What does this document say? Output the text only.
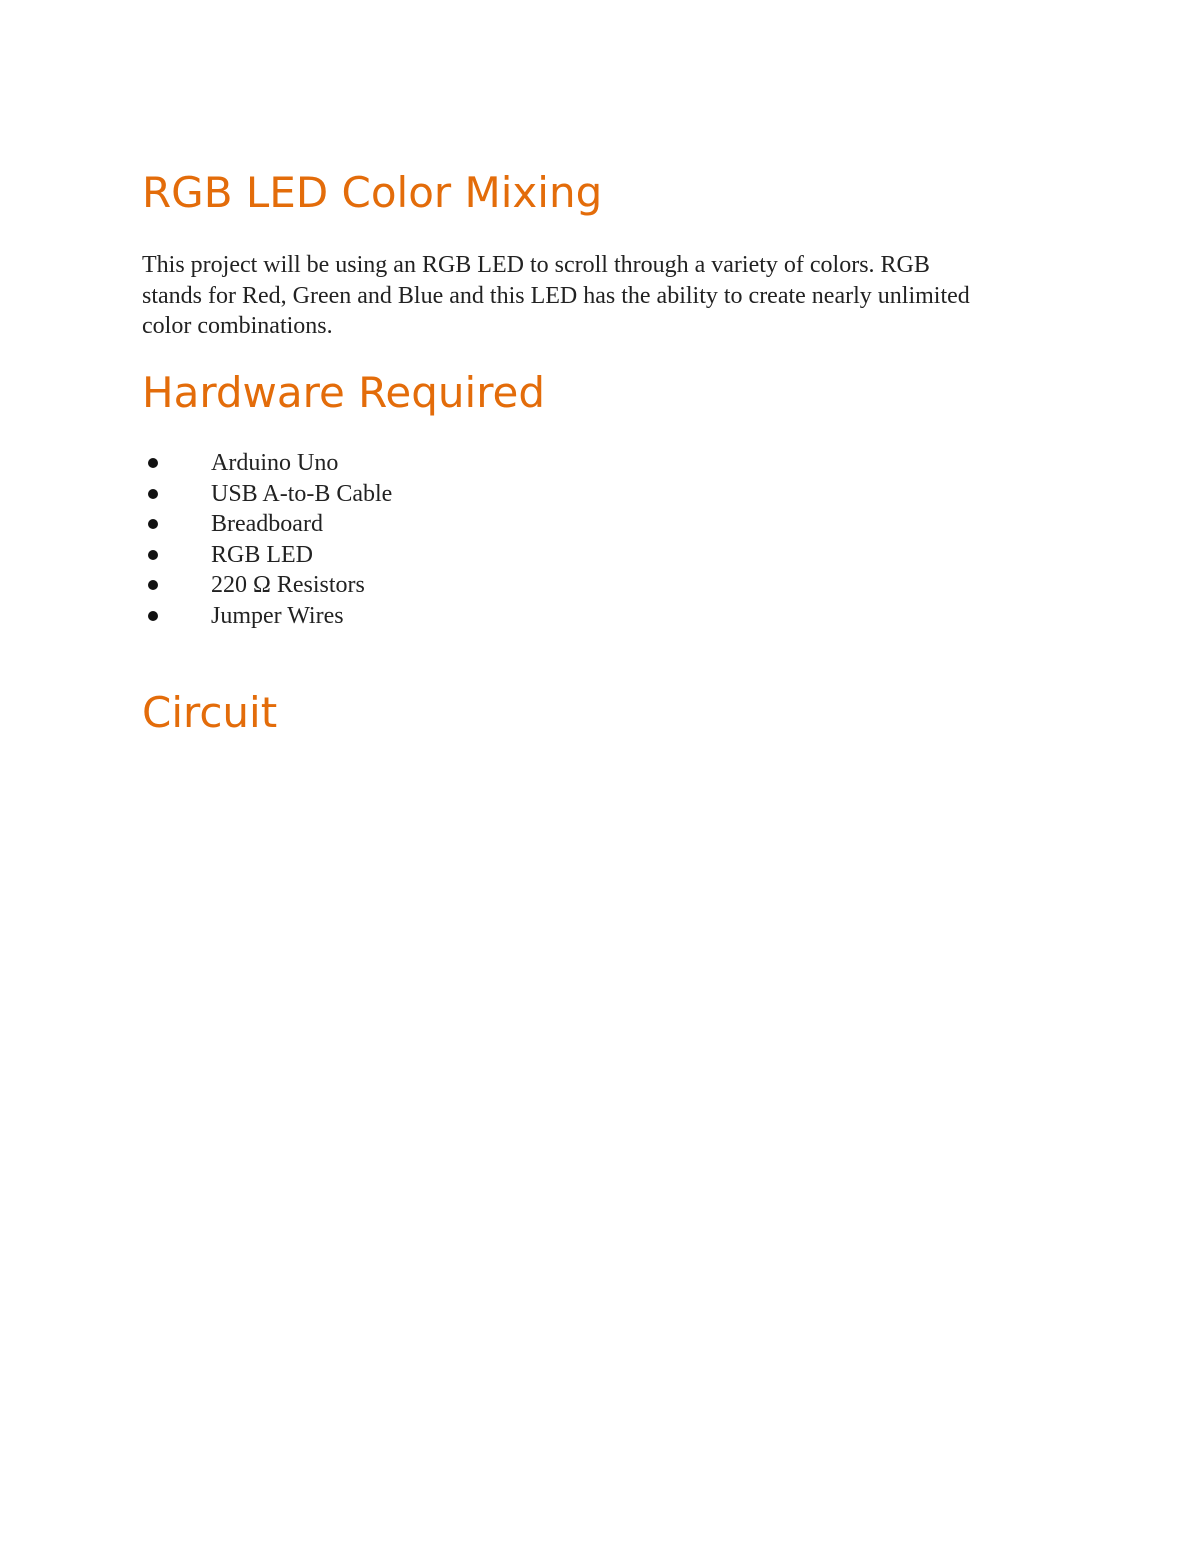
RGB LED Color Mixing

This project will be using an RGB LED to scroll through a variety of colors. RGB
stands for Red, Green and Blue and this LED has the ability to create nearly unlimited
color combinations.

Hardware Required
Arduino Uno
USB A-to-B Cable
Breadboard
RGB LED
220 Ω Resistors
Jumper Wires
Circuit
